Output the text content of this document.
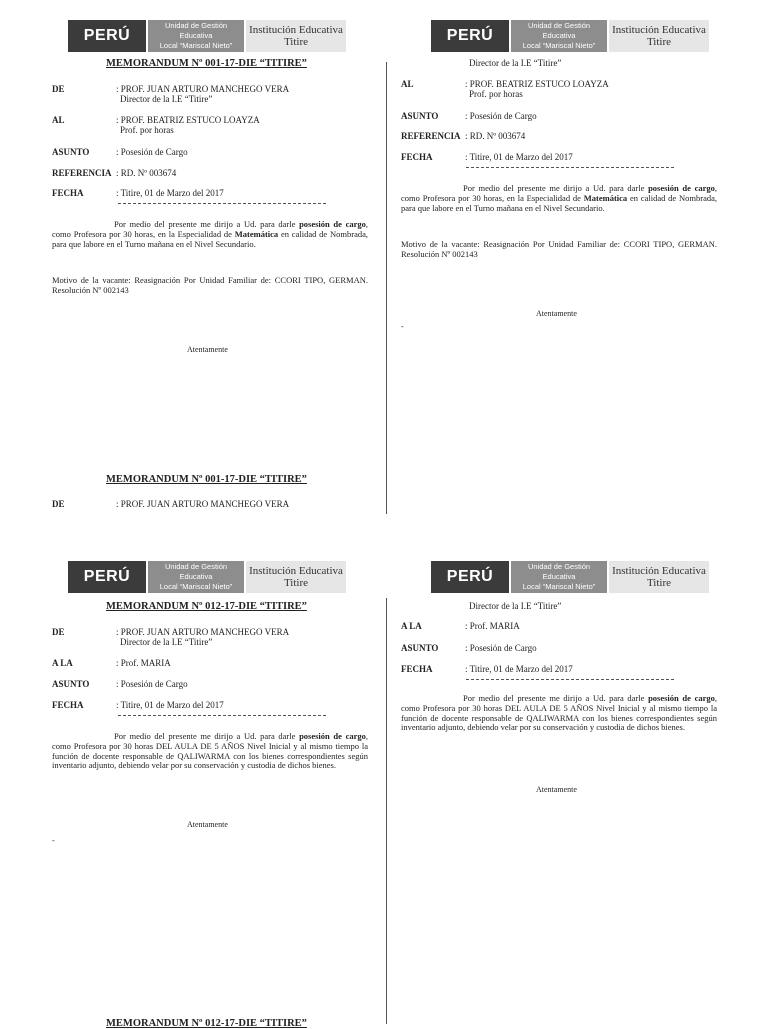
PERÚ
Unidad de Gestión Educativa
Local “Mariscal Nieto”
Institución Educativa
Titire
MEMORANDUM Nº 001-17-DIE “TITIRE”
DE	: PROF. JUAN ARTURO MANCHEGO VERA
Director de la I.E “Titire”
AL	: PROF. BEATRIZ ESTUCO LOAYZA
Prof. por horas
ASUNTO	: Posesión de Cargo
REFERENCIA : RD. Nº 003674
FECHA	: Titire, 01 de Marzo del 2017

Por medio del presente me dirijo a Ud. para darle posesión de cargo, como Profesora por 30 horas, en la Especialidad de Matemática en calidad de Nombrada, para que labore en el Turno mañana en el Nivel Secundario.

Motivo de la vacante: Reasignación Por Unidad Familiar de: CCORI TIPO, GERMAN. Resolución Nº 002143
Atentamente
MEMORANDUM Nº 001-17-DIE “TITIRE”
DE	: PROF. JUAN ARTURO MANCHEGO VERA
PERÚ
Unidad de Gestión Educativa
Local “Mariscal Nieto”
Institución Educativa
Titire
Director de la I.E “Titire”
AL	: PROF. BEATRIZ ESTUCO LOAYZA
Prof. por horas
ASUNTO	: Posesión de Cargo
REFERENCIA : RD. Nº 003674
FECHA	: Titire, 01 de Marzo del 2017

Por medio del presente me dirijo a Ud. para darle posesión de cargo, como Profesora por 30 horas, en la Especialidad de Matemática en calidad de Nombrada, para que labore en el Turno mañana en el Nivel Secundario.

Motivo de la vacante: Reasignación Por Unidad Familiar de: CCORI TIPO, GERMAN. Resolución Nº 002143
Atentamente
-
PERÚ
Unidad de Gestión Educativa
Local “Mariscal Nieto”
Institución Educativa
Titire
MEMORANDUM Nº 012-17-DIE “TITIRE”
DE	: PROF. JUAN ARTURO MANCHEGO VERA
Director de la I.E “Titire”
A LA	: Prof. MARIA
ASUNTO	: Posesión de Cargo
FECHA	: Titire, 01 de Marzo del 2017

Por medio del presente me dirijo a Ud. para darle posesión de cargo, como Profesora por 30 horas DEL AULA DE 5 AÑOS Nivel Inicial y al mismo tiempo la función de docente responsable de QALIWARMA con los bienes correspondientes según inventario adjunto, debiendo velar por su conservación y custodia de dichos bienes.

Atentamente
-
MEMORANDUM Nº 012-17-DIE “TITIRE”
PERÚ
Unidad de Gestión Educativa
Local “Mariscal Nieto”
Institución Educativa
Titire
Director de la I.E “Titire”
A LA	: Prof. MARIA
ASUNTO	: Posesión de Cargo
FECHA	: Titire, 01 de Marzo del 2017

Por medio del presente me dirijo a Ud. para darle posesión de cargo, como Profesora por 30 horas DEL AULA DE 5 AÑOS Nivel Inicial y al mismo tiempo la función de docente responsable de QALIWARMA con los bienes correspondientes según inventario adjunto, debiendo velar por su conservación y custodia de dichos bienes.

Atentamente
